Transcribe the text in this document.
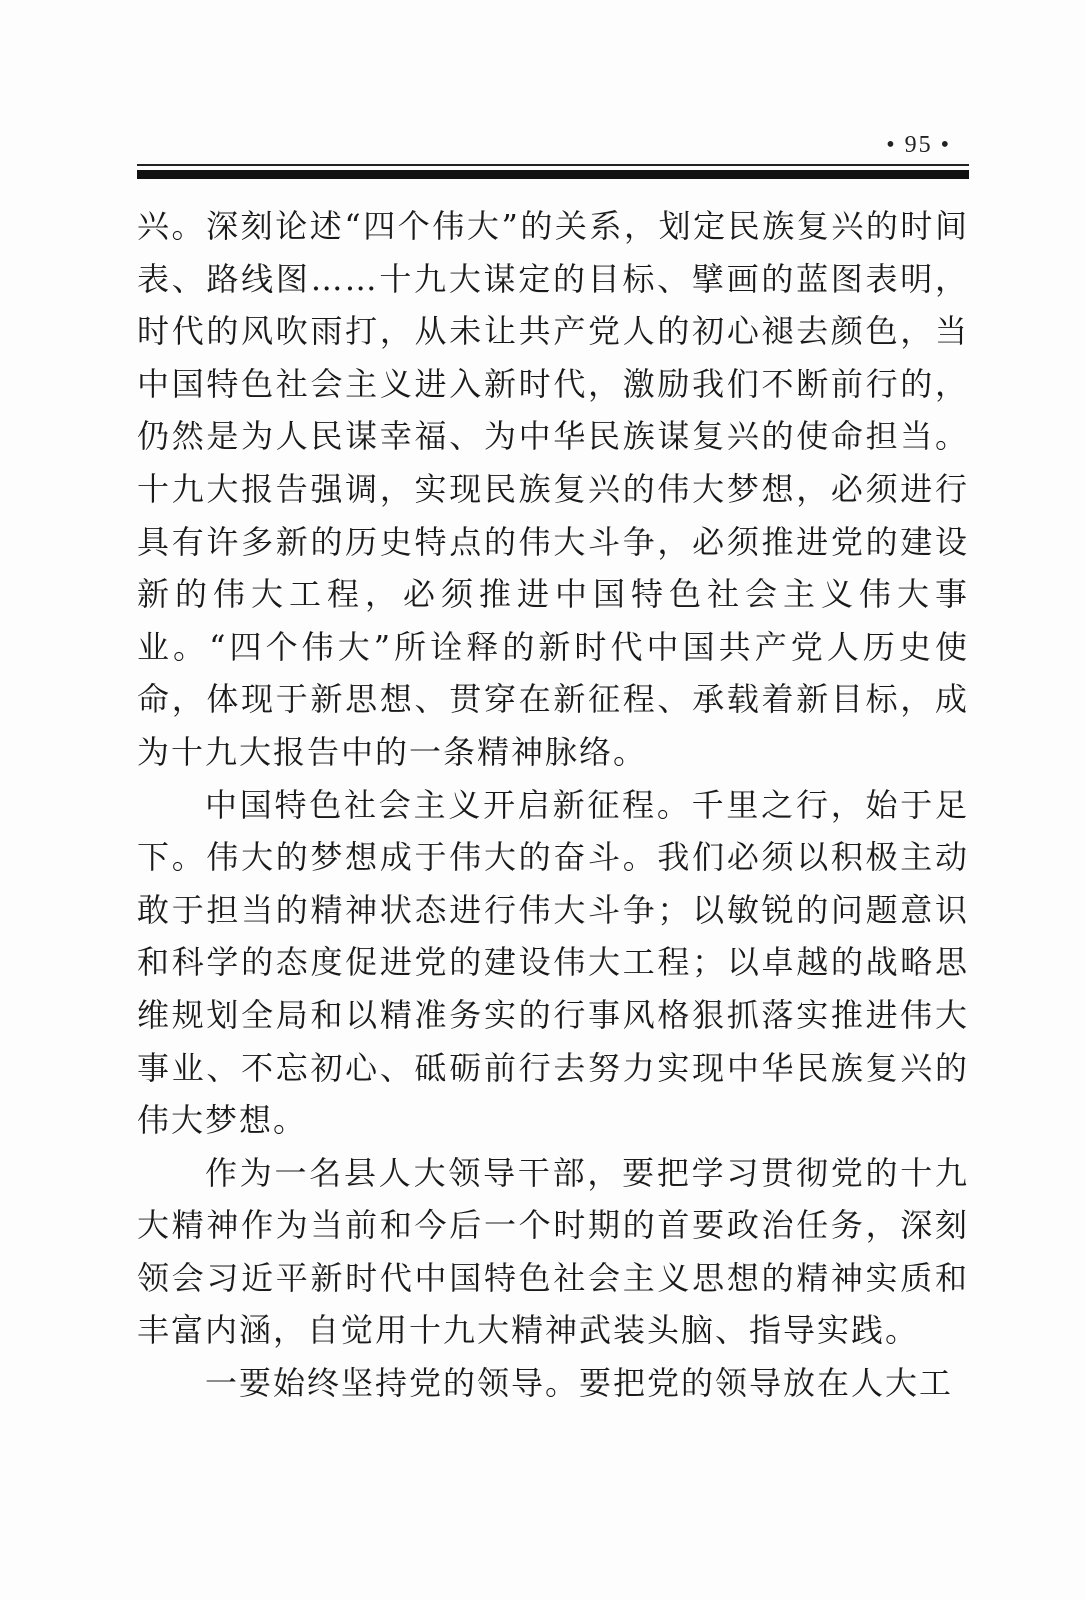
• 95 •

兴。深刻论述“四个伟大”的关系，划定民族复兴的时间表、路线图……十九大谋定的目标、擘画的蓝图表明，时代的风吹雨打，从未让共产党人的初心褪去颜色，当中国特色社会主义进入新时代，激励我们不断前行的，仍然是为人民谋幸福、为中华民族谋复兴的使命担当。十九大报告强调，实现民族复兴的伟大梦想，必须进行具有许多新的历史特点的伟大斗争，必须推进党的建设新的伟大工程，必须推进中国特色社会主义伟大事业。“四个伟大”所诠释的新时代中国共产党人历史使命，体现于新思想、贯穿在新征程、承载着新目标，成为十九大报告中的一条精神脉络。

中国特色社会主义开启新征程。千里之行，始于足下。伟大的梦想成于伟大的奋斗。我们必须以积极主动敢于担当的精神状态进行伟大斗争；以敏锐的问题意识和科学的态度促进党的建设伟大工程；以卓越的战略思维规划全局和以精准务实的行事风格狠抓落实推进伟大事业、不忘初心、砥砺前行去努力实现中华民族复兴的伟大梦想。

作为一名县人大领导干部，要把学习贯彻党的十九大精神作为当前和今后一个时期的首要政治任务，深刻领会习近平新时代中国特色社会主义思想的精神实质和丰富内涵，自觉用十九大精神武装头脑、指导实践。

一要始终坚持党的领导。要把党的领导放在人大工
